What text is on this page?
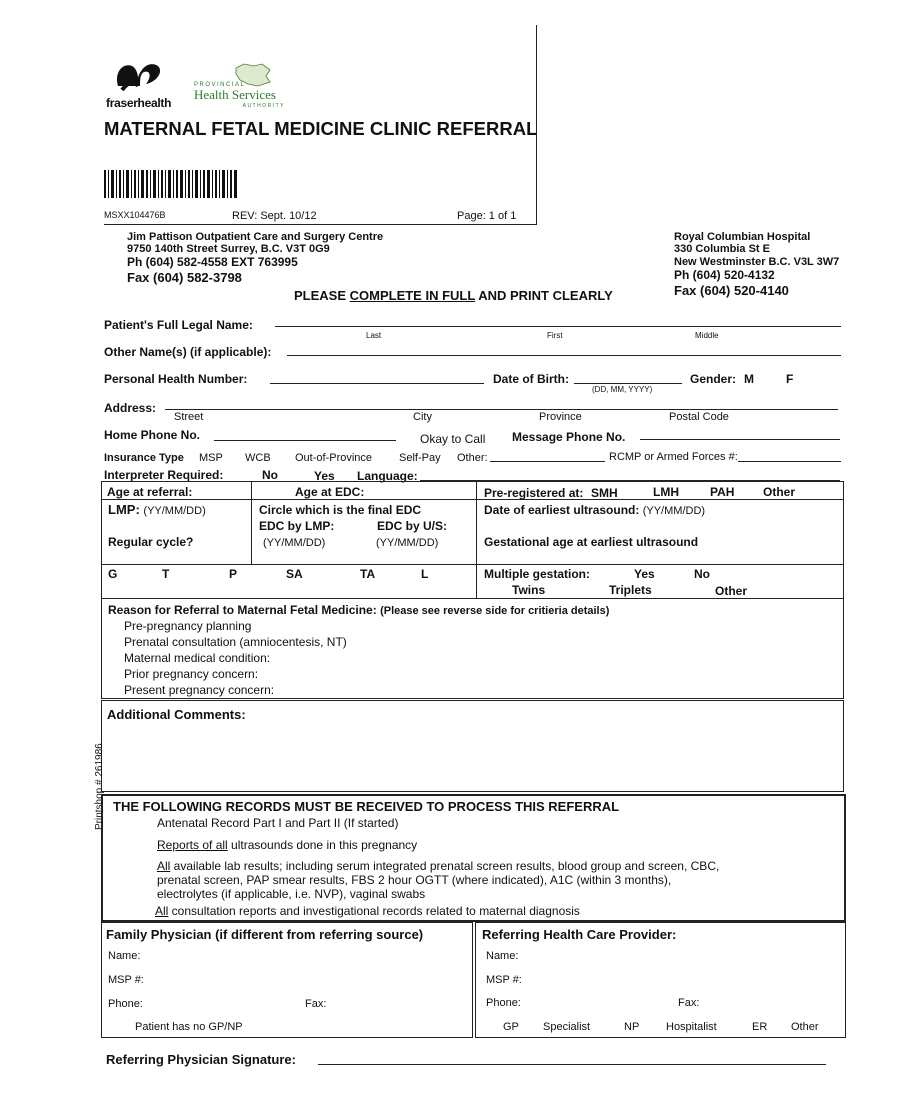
fraserhealth
PROVINCIAL
Health Services
AUTHORITY
MATERNAL FETAL MEDICINE CLINIC REFERRAL
MSXX104476B	REV: Sept. 10/12	Page: 1 of 1
Jim Pattison Outpatient Care and Surgery Centre
9750 140th Street Surrey, B.C. V3T 0G9
Ph (604) 582-4558 EXT 763995
Fax (604) 582-3798
Royal Columbian Hospital
330 Columbia St E
New Westminster B.C. V3L 3W7
Ph (604) 520-4132
Fax (604) 520-4140
PLEASE COMPLETE IN FULL AND PRINT CLEARLY
Patient's Full Legal Name:
Last	First	Middle
Other Name(s) (if applicable):
Personal Health Number:	Date of Birth:
(DD, MM, YYYY)
Gender: M	F
Address:
Street	City	Province	Postal Code
Home Phone No.	Okay to Call Message Phone No.
Insurance Type MSP WCB Out-of-Province Self-Pay Other:	RCMP or Armed Forces #:
Interpreter Required:	No	Yes Language:
Age at referral:	Age at EDC:	Pre-registered at: SMH	LMH	PAH Other
LMP: (YY/MM/DD)	Circle which is the final EDC
EDC by LMP:	EDC by U/S:
(YY/MM/DD)	(YY/MM/DD)
Date of earliest ultrasound: (YY/MM/DD)
Regular cycle?	Gestational age at earliest ultrasound
G	T	P	SA	TA	L	Multiple gestation:	Yes	No
Twins	Triplets	Other
Reason for Referral to Maternal Fetal Medicine: (Please see reverse side for critieria details)
Pre-pregnancy planning
Prenatal consultation (amniocentesis, NT)
Maternal medical condition:
Prior pregnancy concern:
Present pregnancy concern:
Additional Comments:
Printshop # 261986 THE FOLLOWING RECORDS MUST BE RECEIVED TO PROCESS THIS REFERRAL
Antenatal Record Part I and Part II (If started)
Reports of all ultrasounds done in this pregnancy
All available lab results; including serum integrated prenatal screen results, blood group and screen, CBC,
prenatal screen, PAP smear results, FBS 2 hour OGTT (where indicated), A1C (within 3 months),
electrolytes (if applicable, i.e. NVP), vaginal swabs
All consultation reports and investigational records related to maternal diagnosis
Family Physician (if different from referring source)
Name:
MSP #:
Phone:	Fax:
Patient has no GP/NP
Referring Health Care Provider:
Name:
MSP #:
Phone:	Fax:
GP Specialist	NP Hospitalist	ER Other
Referring Physician Signature:
